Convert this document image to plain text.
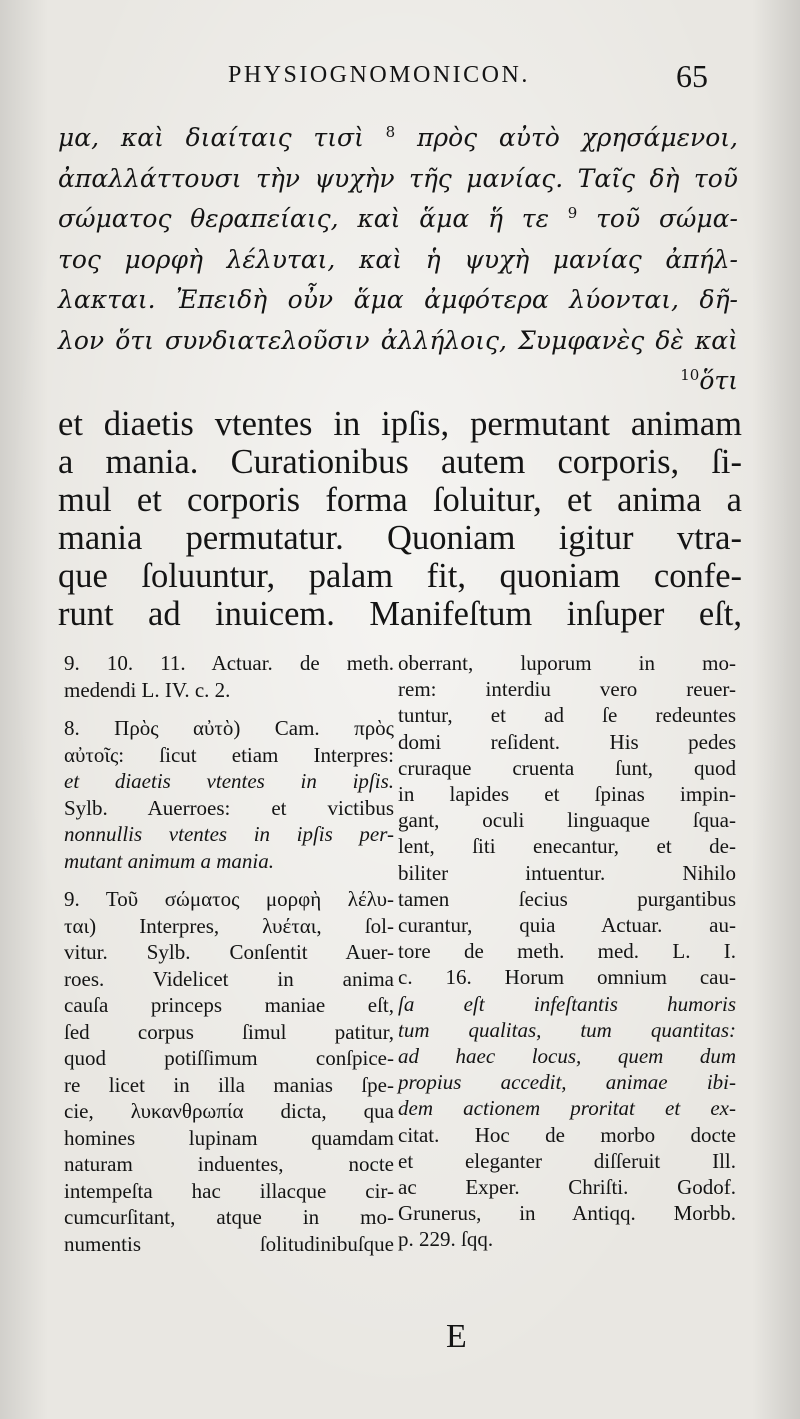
PHYSIOGNOMONICON.	65
μα, καὶ διαίταις τισὶ $^8$ πρὸς αὐτὸ χρησάμενοι,
ἀπαλλάττουσι τὴν ψυχὴν τῆς μανίας. Ταῖς δὴ τοῦ
σώματος θεραπείαις, καὶ ἅμα ἥ τε $^9$ τοῦ σώμα-
τος μορφὴ λέλυται, καὶ ἡ ψυχὴ μανίας ἀπήλ-
λακται. Ἐπειδὴ οὖν ἅμα ἀμφότερα λύονται, δῆ-
λον ὅτι συνδιατελοῦσιν ἀλλήλοις, Συμφανὲς δὲ καὶ
$^{10}$ὅτι
et diaetis vtentes in ipſis, permutant animam
a mania. Curationibus autem corporis, ſi-
mul et corporis forma ſoluitur, et anima a
mania permutatur. Quoniam igitur vtra-
que ſoluuntur, palam fit, quoniam confe-
runt ad inuicem. Manifeſtum inſuper eſt,
9. 10. 11. Actuar. de meth.
medendi L. IV. c. 2.
8. Πρὸς αὐτὸ) Cam. πρὸς
αὐτοῖς: ſicut etiam Interpres:
et diaetis vtentes in ipſis.
Sylb. Auerroes: et victibus
nonnullis vtentes in ipſis per-
mutant animum a mania.
9. Τοῦ σώματος μορφὴ λέλυ-
ται) Interpres, λυέται, ſol-
vitur. Sylb. Conſentit Auer-
roes. Videlicet in anima
cauſa princeps maniae eſt,
ſed corpus ſimul patitur,
quod potiſſimum conſpice-
re licet in illa manias ſpe-
cie, λυκανθρωπία dicta, qua
homines lupinam quamdam
naturam induentes, nocte
intempeſta hac illacque cir-
cumcurſitant, atque in mo-
numentis ſolitudinibuſque
oberrant, luporum in mo-
rem: interdiu vero reuer-
tuntur, et ad ſe redeuntes
domi reſident. His pedes
cruraque cruenta ſunt, quod
in lapides et ſpinas impin-
gant, oculi linguaque ſqua-
lent, ſiti enecantur, et de-
biliter intuentur. Nihilo
tamen ſecius purgantibus
curantur, quia Actuar. au-
tore de meth. med. L. I.
c. 16. Horum omnium cau-
ſa eſt infeſtantis humoris
tum qualitas, tum quantitas:
ad haec locus, quem dum
propius accedit, animae ibi-
dem actionem proritat et ex-
citat. Hoc de morbo docte
et eleganter diſſeruit Ill.
ac Exper. Chriſti. Godof.
Grunerus, in Antiqq. Morbb.
p. 229. ſqq.
E
